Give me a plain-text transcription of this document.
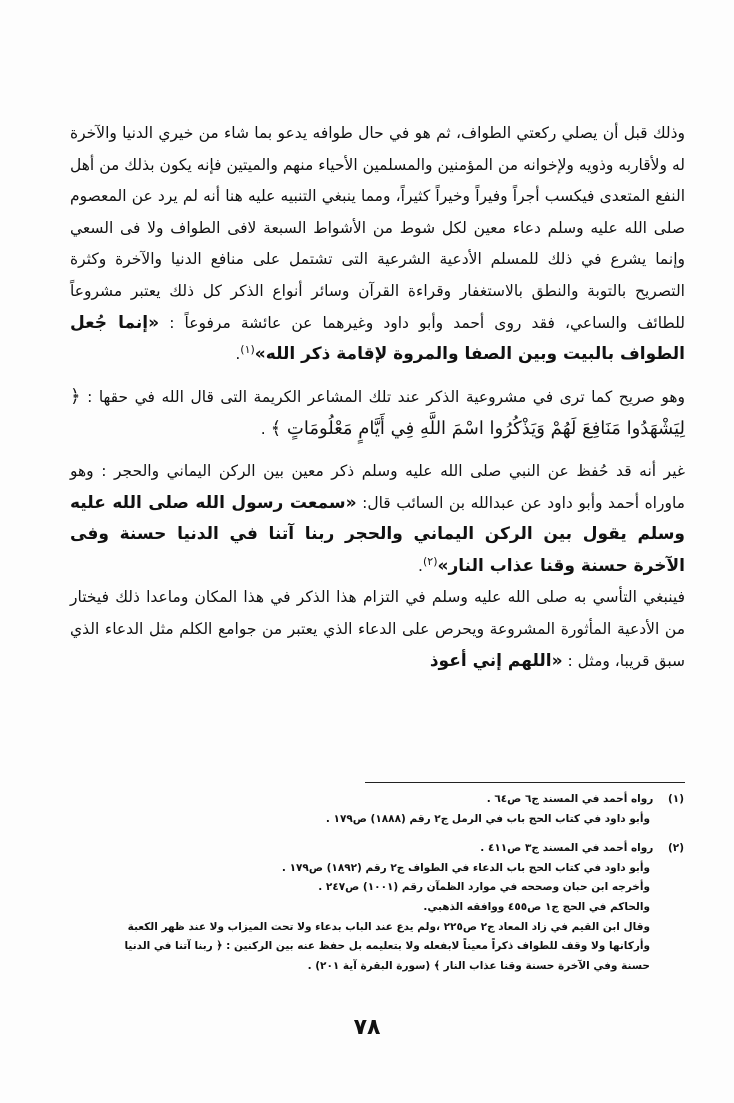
وذلك قبل أن يصلي ركعتي الطواف، ثم هو في حال طوافه يدعو بما شاء من خيري الدنيا والآخرة له ولأقاربه وذويه ولإخوانه من المؤمنين والمسلمين الأحياء منهم والميتين فإنه يكون بذلك من أهل النفع المتعدى فيكسب أجراً وفيراً وخيراً كثيراً، ومما ينبغي التنبيه عليه هنا أنه لم يرد عن المعصوم صلى الله عليه وسلم دعاء معين لكل شوط من الأشواط السبعة لافى الطواف ولا فى السعي وإنما يشرع في ذلك للمسلم الأدعية الشرعية التى تشتمل على منافع الدنيا والآخرة وكثرة التصريح بالتوبة والنطق بالاستغفار وقراءة القرآن وسائر أنواع الذكر كل ذلك يعتبر مشروعاً للطائف والساعي، فقد روى أحمد وأبو داود وغيرهما عن عائشة مرفوعاً : «إنما جُعل الطواف بالبيت وبين الصفا والمروة لإقامة ذكر الله»$^{(١)}$.

وهو صريح كما ترى في مشروعية الذكر عند تلك المشاعر الكريمة التى قال الله في حقها : ﴿ لِيَشْهَدُوا مَنَافِعَ لَهُمْ وَيَذْكُرُوا اسْمَ اللَّهِ فِي أَيَّامٍ مَعْلُومَاتٍ ﴾ .

غير أنه قد حُفظ عن النبي صلى الله عليه وسلم ذكر معين بين الركن اليماني والحجر : وهو ماوراه أحمد وأبو داود عن عبدالله بن السائب قال: «سمعت رسول الله صلى الله عليه وسلم يقول بين الركن اليماني والحجر ربنا آتنا في الدنيا حسنة وفى الآخرة حسنة وقنا عذاب النار»$^{(٢)}$.

فينبغي التأسي به صلى الله عليه وسلم في التزام هذا الذكر في هذا المكان وماعدا ذلك فيختار من الأدعية المأثورة المشروعة ويحرص على الدعاء الذي يعتبر من جوامع الكلم مثل الدعاء الذي سبق قريبا، ومثل : «اللهم إني أعوذ

(١)    رواه أحمد في المسند ج٦ ص٦٤ .
وأبو داود في كتاب الحج باب في الرمل ج٢ رقم (١٨٨٨) ص١٧٩ .
(٢)    رواه أحمد في المسند ج٣ ص٤١١ .
وأبو داود في كتاب الحج باب الدعاء في الطواف ج٢ رقم (١٨٩٢) ص١٧٩ .
وأخرجه ابن حبان وصححه في موارد الظمآن رقم (١٠٠١) ص٢٤٧ .
والحاكم في الحج ج١ ص٤٥٥ ووافقه الذهبي.
وقال ابن القيم في زاد المعاد ج٢ ص٢٢٥ ،ولم يدع عند الباب بدعاء ولا تحت الميزاب ولا عند ظهر الكعبة
وأركانها ولا وقف للطواف ذكراً معيناً لابفعله ولا بتعليمه بل حفظ عنه بين الركنين : ﴿ ربنا آتنا في الدنيا
حسنة وفي الآخرة حسنة وقنا عذاب النار ﴾ (سورة البقرة آية ٢٠١) .
٧٨
